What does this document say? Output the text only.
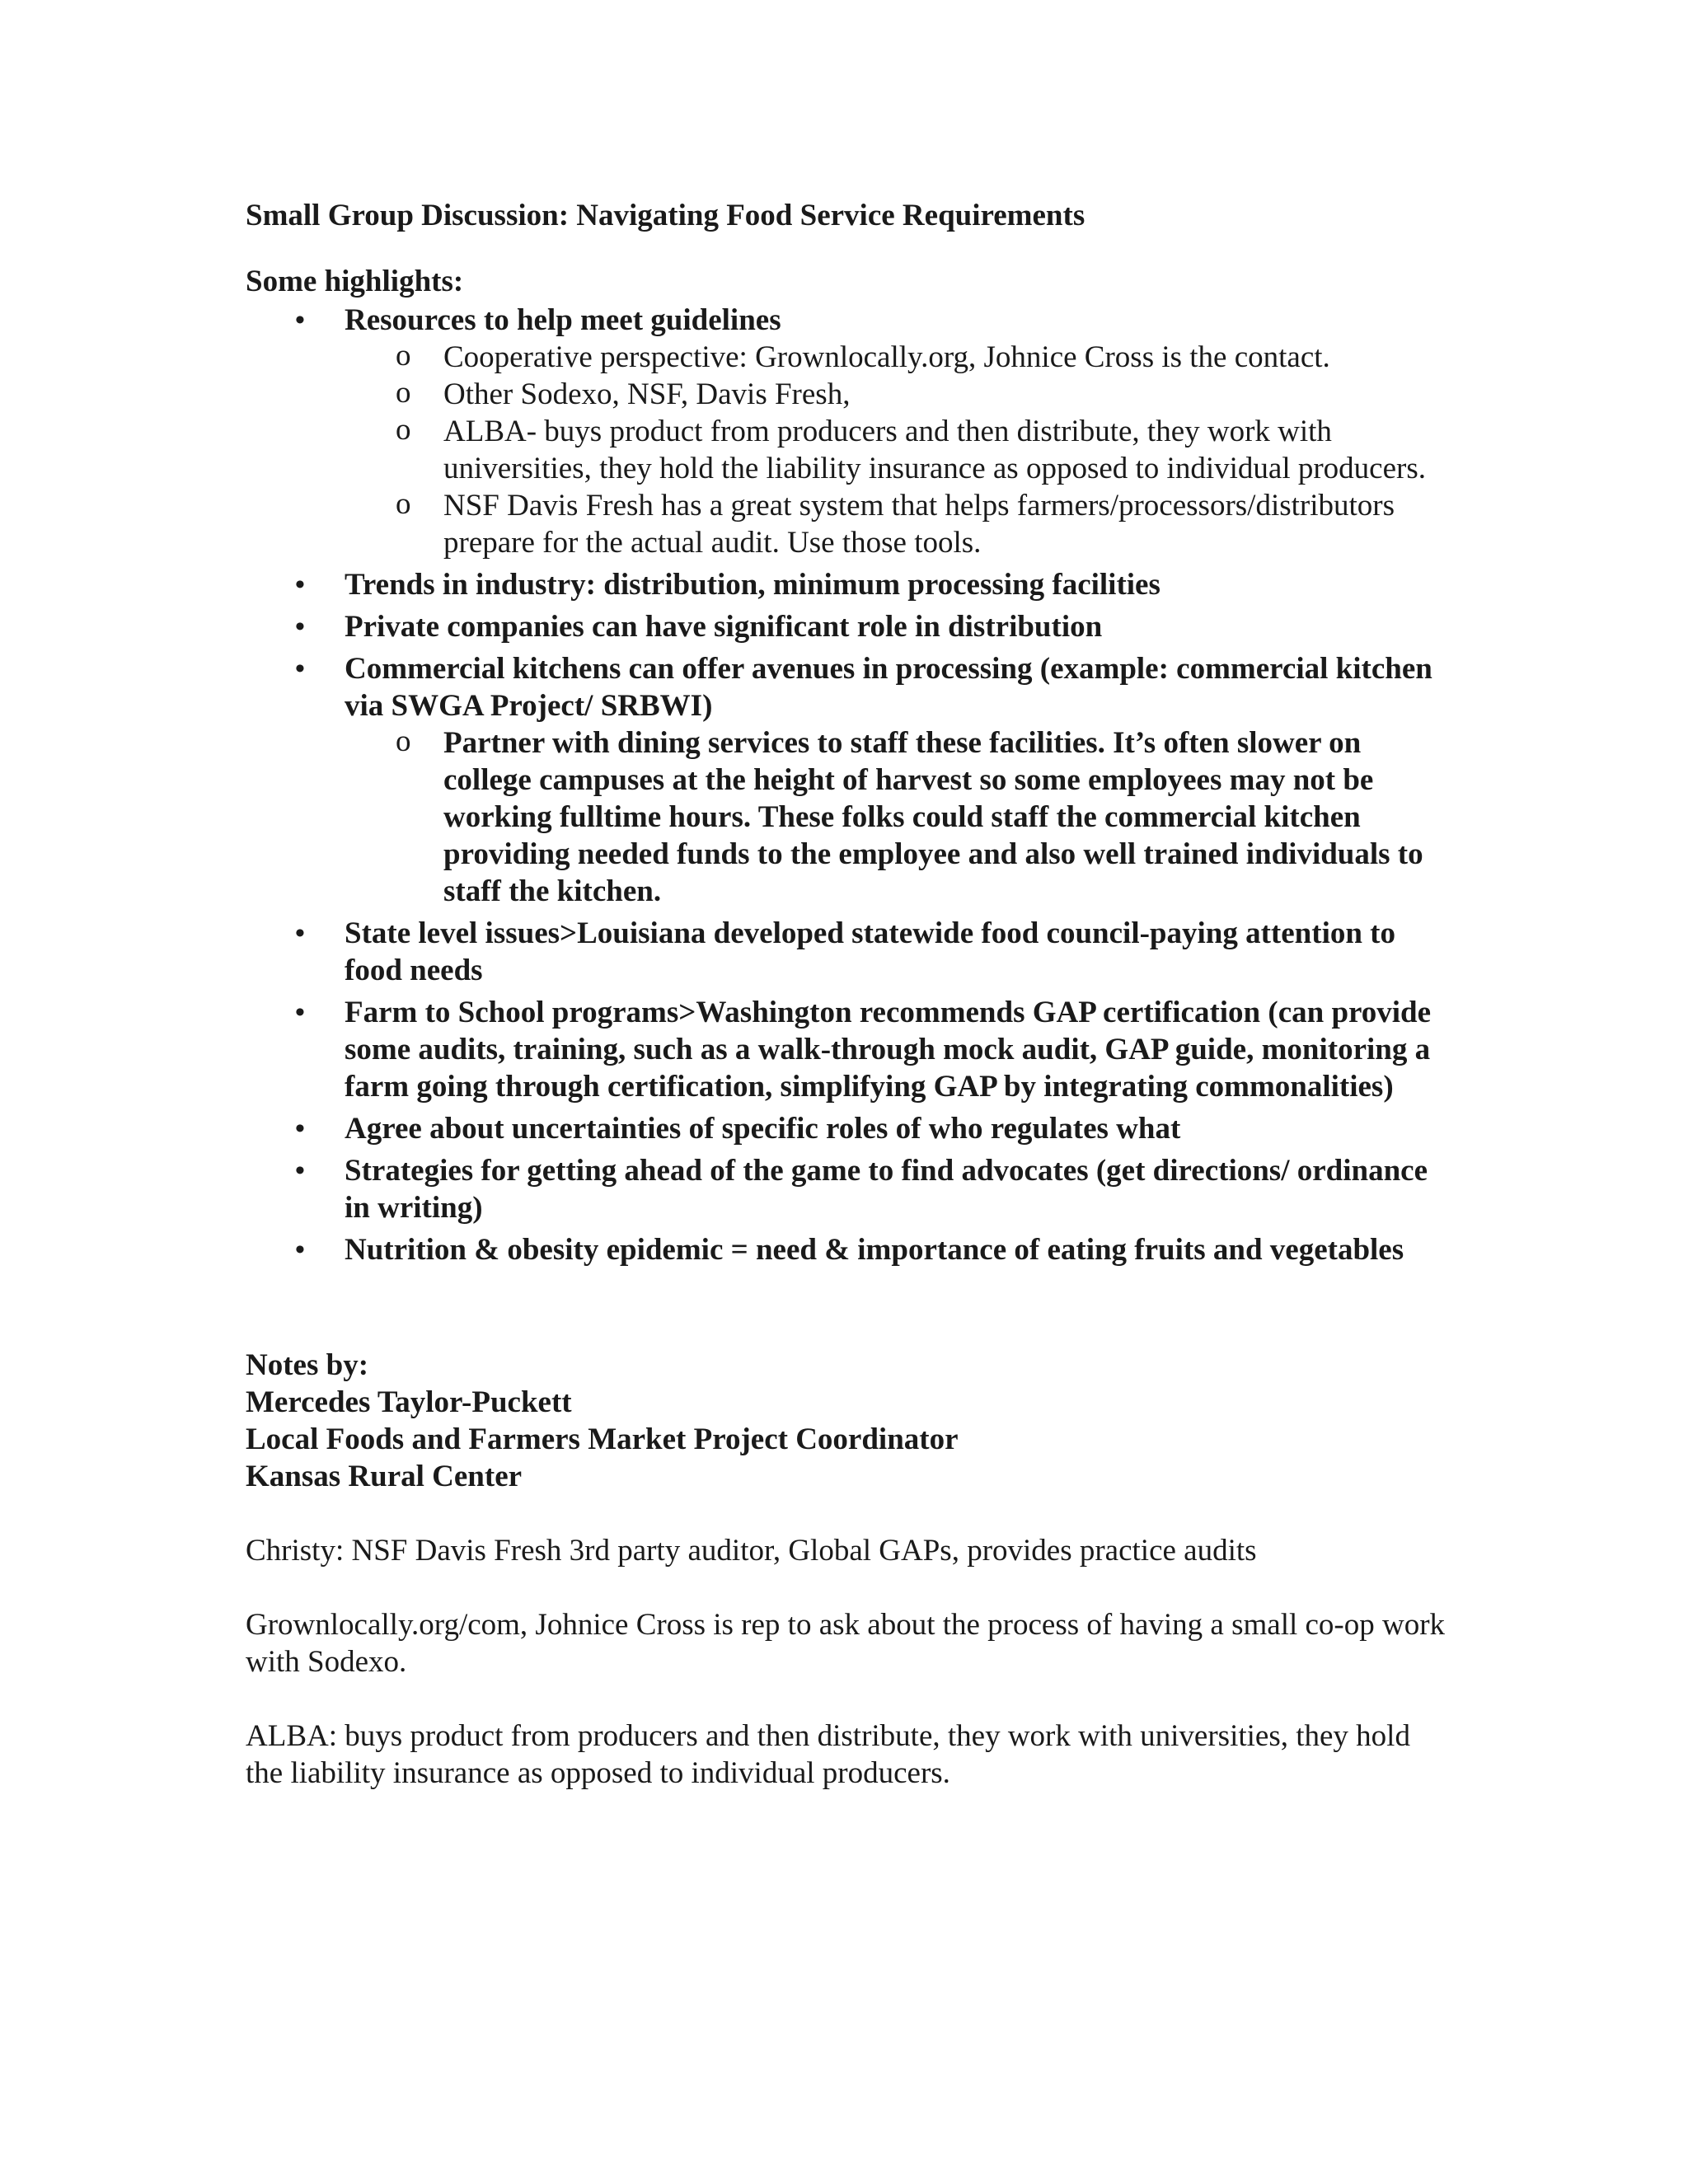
Small Group Discussion: Navigating Food Service Requirements

Some highlights:

• Resources to help meet guidelines
o Cooperative perspective: Grownlocally.org, Johnice Cross is the contact.
o Other Sodexo, NSF, Davis Fresh,
o ALBA- buys product from producers and then distribute, they work with universities, they hold the liability insurance as opposed to individual producers.
o NSF Davis Fresh has a great system that helps farmers/processors/distributors prepare for the actual audit. Use those tools.
• Trends in industry: distribution, minimum processing facilities
• Private companies can have significant role in distribution
• Commercial kitchens can offer avenues in processing (example: commercial kitchen via SWGA Project/ SRBWI)
o Partner with dining services to staff these facilities. It’s often slower on college campuses at the height of harvest so some employees may not be working fulltime hours. These folks could staff the commercial kitchen providing needed funds to the employee and also well trained individuals to staff the kitchen.
• State level issues>Louisiana developed statewide food council-paying attention to food needs
• Farm to School programs>Washington recommends GAP certification (can provide some audits, training, such as a walk-through mock audit, GAP guide, monitoring a farm going through certification, simplifying GAP by integrating commonalities)
• Agree about uncertainties of specific roles of who regulates what
• Strategies for getting ahead of the game to find advocates (get directions/ ordinance in writing)
• Nutrition & obesity epidemic = need & importance of eating fruits and vegetables
Notes by:
Mercedes Taylor-Puckett
Local Foods and Farmers Market Project Coordinator
Kansas Rural Center

Christy: NSF Davis Fresh 3rd party auditor, Global GAPs, provides practice audits

Grownlocally.org/com, Johnice Cross is rep to ask about the process of having a small co-op work with Sodexo.

ALBA: buys product from producers and then distribute, they work with universities, they hold the liability insurance as opposed to individual producers.
